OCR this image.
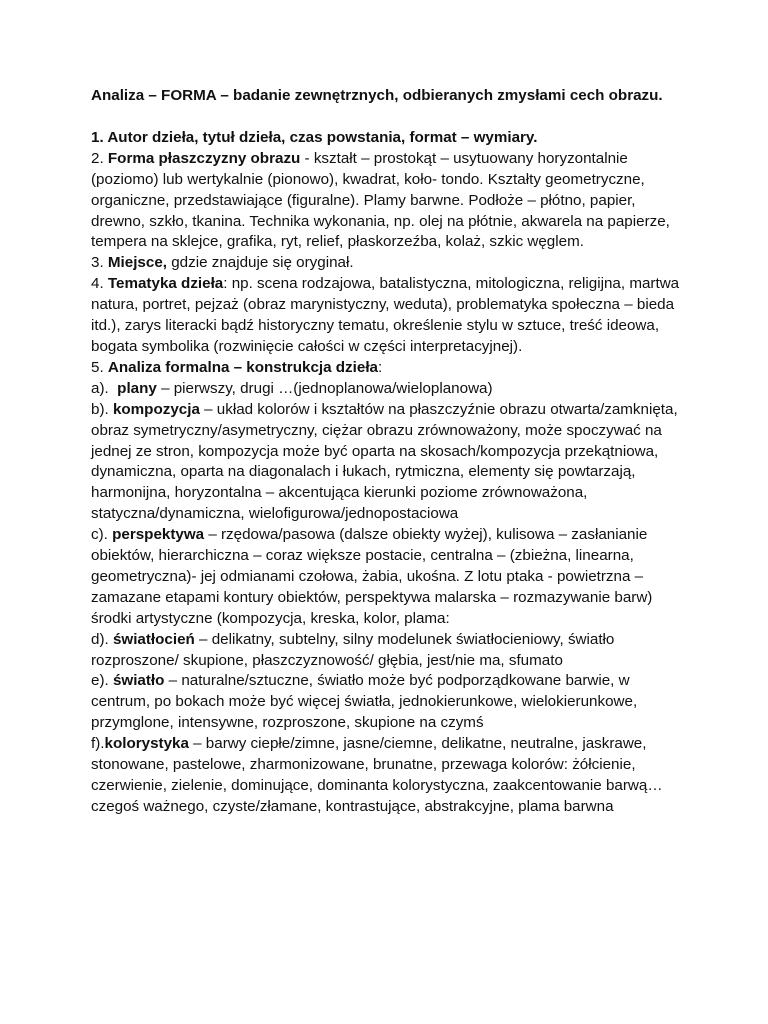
Analiza – FORMA – badanie zewnętrznych, odbieranych zmysłami cech obrazu.

1. Autor dzieła, tytuł dzieła, czas powstania, format – wymiary.

2. Forma płaszczyzny obrazu - kształt – prostokąt – usytuowany horyzontalnie (poziomo) lub wertykalnie (pionowo), kwadrat, koło- tondo. Kształty geometryczne, organiczne, przedstawiające (figuralne). Plamy barwne. Podłoże – płótno, papier, drewno, szkło, tkanina. Technika wykonania, np. olej na płótnie, akwarela na papierze, tempera na sklejce, grafika, ryt, relief, płaskorzeźba, kolaż, szkic węglem.

3. Miejsce, gdzie znajduje się oryginał.

4. Tematyka dzieła: np. scena rodzajowa, batalistyczna, mitologiczna, religijna, martwa natura, portret, pejzaż (obraz marynistyczny, weduta), problematyka społeczna – bieda itd.), zarys literacki bądź historyczny tematu, określenie stylu w sztuce, treść ideowa, bogata symbolika (rozwinięcie całości w części interpretacyjnej).

5. Analiza formalna – konstrukcja dzieła:

a).  plany – pierwszy, drugi …(jednoplanowa/wieloplanowa)

b). kompozycja – układ kolorów i kształtów na płaszczyźnie obrazu otwarta/zamknięta, obraz symetryczny/asymetryczny, ciężar obrazu zrównoważony, może spoczywać na jednej ze stron, kompozycja może być oparta na skosach/kompozycja przekątniowa, dynamiczna, oparta na diagonalach i łukach, rytmiczna, elementy się powtarzają, harmonijna, horyzontalna – akcentująca kierunki poziome zrównoważona, statyczna/dynamiczna, wielofigurowa/jednopostaciowa

c). perspektywa – rzędowa/pasowa (dalsze obiekty wyżej), kulisowa – zasłanianie obiektów, hierarchiczna – coraz większe postacie, centralna – (zbieżna, linearna, geometryczna)- jej odmianami czołowa, żabia, ukośna. Z lotu ptaka - powietrzna – zamazane etapami kontury obiektów, perspektywa malarska – rozmazywanie barw) środki artystyczne (kompozycja, kreska, kolor, plama:

d). światłocień – delikatny, subtelny, silny modelunek światłocieniowy, światło rozproszone/ skupione, płaszczyznowość/ głębia, jest/nie ma, sfumato

e). światło – naturalne/sztuczne, światło może być podporządkowane barwie, w centrum, po bokach może być więcej światła, jednokierunkowe, wielokierunkowe, przymglone, intensywne, rozproszone, skupione na czymś

f).kolorystyka – barwy ciepłe/zimne, jasne/ciemne, delikatne, neutralne, jaskrawe, stonowane, pastelowe, zharmonizowane, brunatne, przewaga kolorów: żółcienie, czerwienie, zielenie, dominujące, dominanta kolorystyczna, zaakcentowanie barwą… czegoś ważnego, czyste/złamane, kontrastujące, abstrakcyjne, plama barwna
